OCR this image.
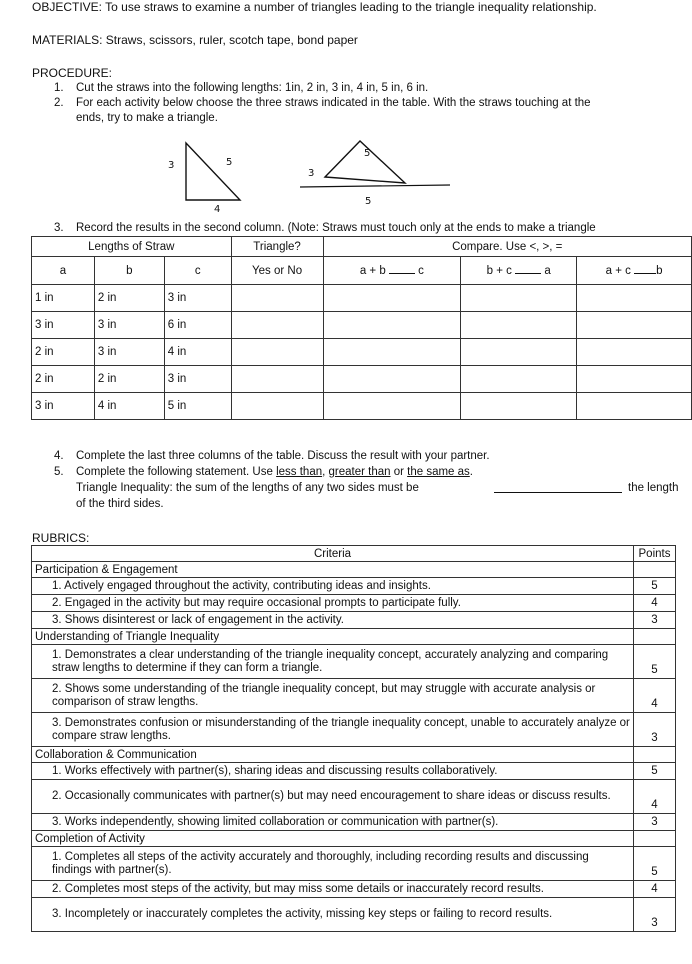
OBJECTIVE: To use straws to examine a number of triangles leading to the triangle inequality relationship.
MATERIALS: Straws, scissors, ruler, scotch tape, bond paper
PROCEDURE:
1. Cut the straws into the following lengths: 1in, 2 in, 3 in, 4 in, 5 in, 6 in.
2. For each activity below choose the three straws indicated in the table. With the straws touching at the
ends, try to make a triangle.
3	5
4
3
5
5
3. Record the results in the second column. (Note: Straws must touch only at the ends to make a triangle
Lengths of Straw			Triangle?	Compare. Use <, >, =		
a	b	c	Yes or No	a + b c	b + c a	a + c b
1 in	2 in	3 in				
3 in	3 in	6 in				
2 in	3 in	4 in				
2 in	2 in	3 in				
3 in	4 in	5 in				
4. Complete the last three columns of the table. Discuss the result with your partner.
5. Complete the following statement. Use less than, greater than or the same as.
Triangle Inequality: the sum of the lengths of any two sides must be	the length
of the third sides.
RUBRICS:
Criteria	Points
Participation & Engagement	
1. Actively engaged throughout the activity, contributing ideas and insights.	5
2. Engaged in the activity but may require occasional prompts to participate fully.	4
3. Shows disinterest or lack of engagement in the activity.	3
Understanding of Triangle Inequality	
1. Demonstrates a clear understanding of the triangle inequality concept, accurately analyzing and comparing straw lengths to determine if they can form a triangle.	5
2. Shows some understanding of the triangle inequality concept, but may struggle with accurate analysis or comparison of straw lengths.	4
3. Demonstrates confusion or misunderstanding of the triangle inequality concept, unable to accurately analyze or compare straw lengths.	3
Collaboration & Communication	
1. Works effectively with partner(s), sharing ideas and discussing results collaboratively.	5
2. Occasionally communicates with partner(s) but may need encouragement to share ideas or discuss results.	4
3. Works independently, showing limited collaboration or communication with partner(s).	3
Completion of Activity	
1. Completes all steps of the activity accurately and thoroughly, including recording results and discussing findings with partner(s).	5
2. Completes most steps of the activity, but may miss some details or inaccurately record results.	4
3. Incompletely or inaccurately completes the activity, missing key steps or failing to record results.	3
